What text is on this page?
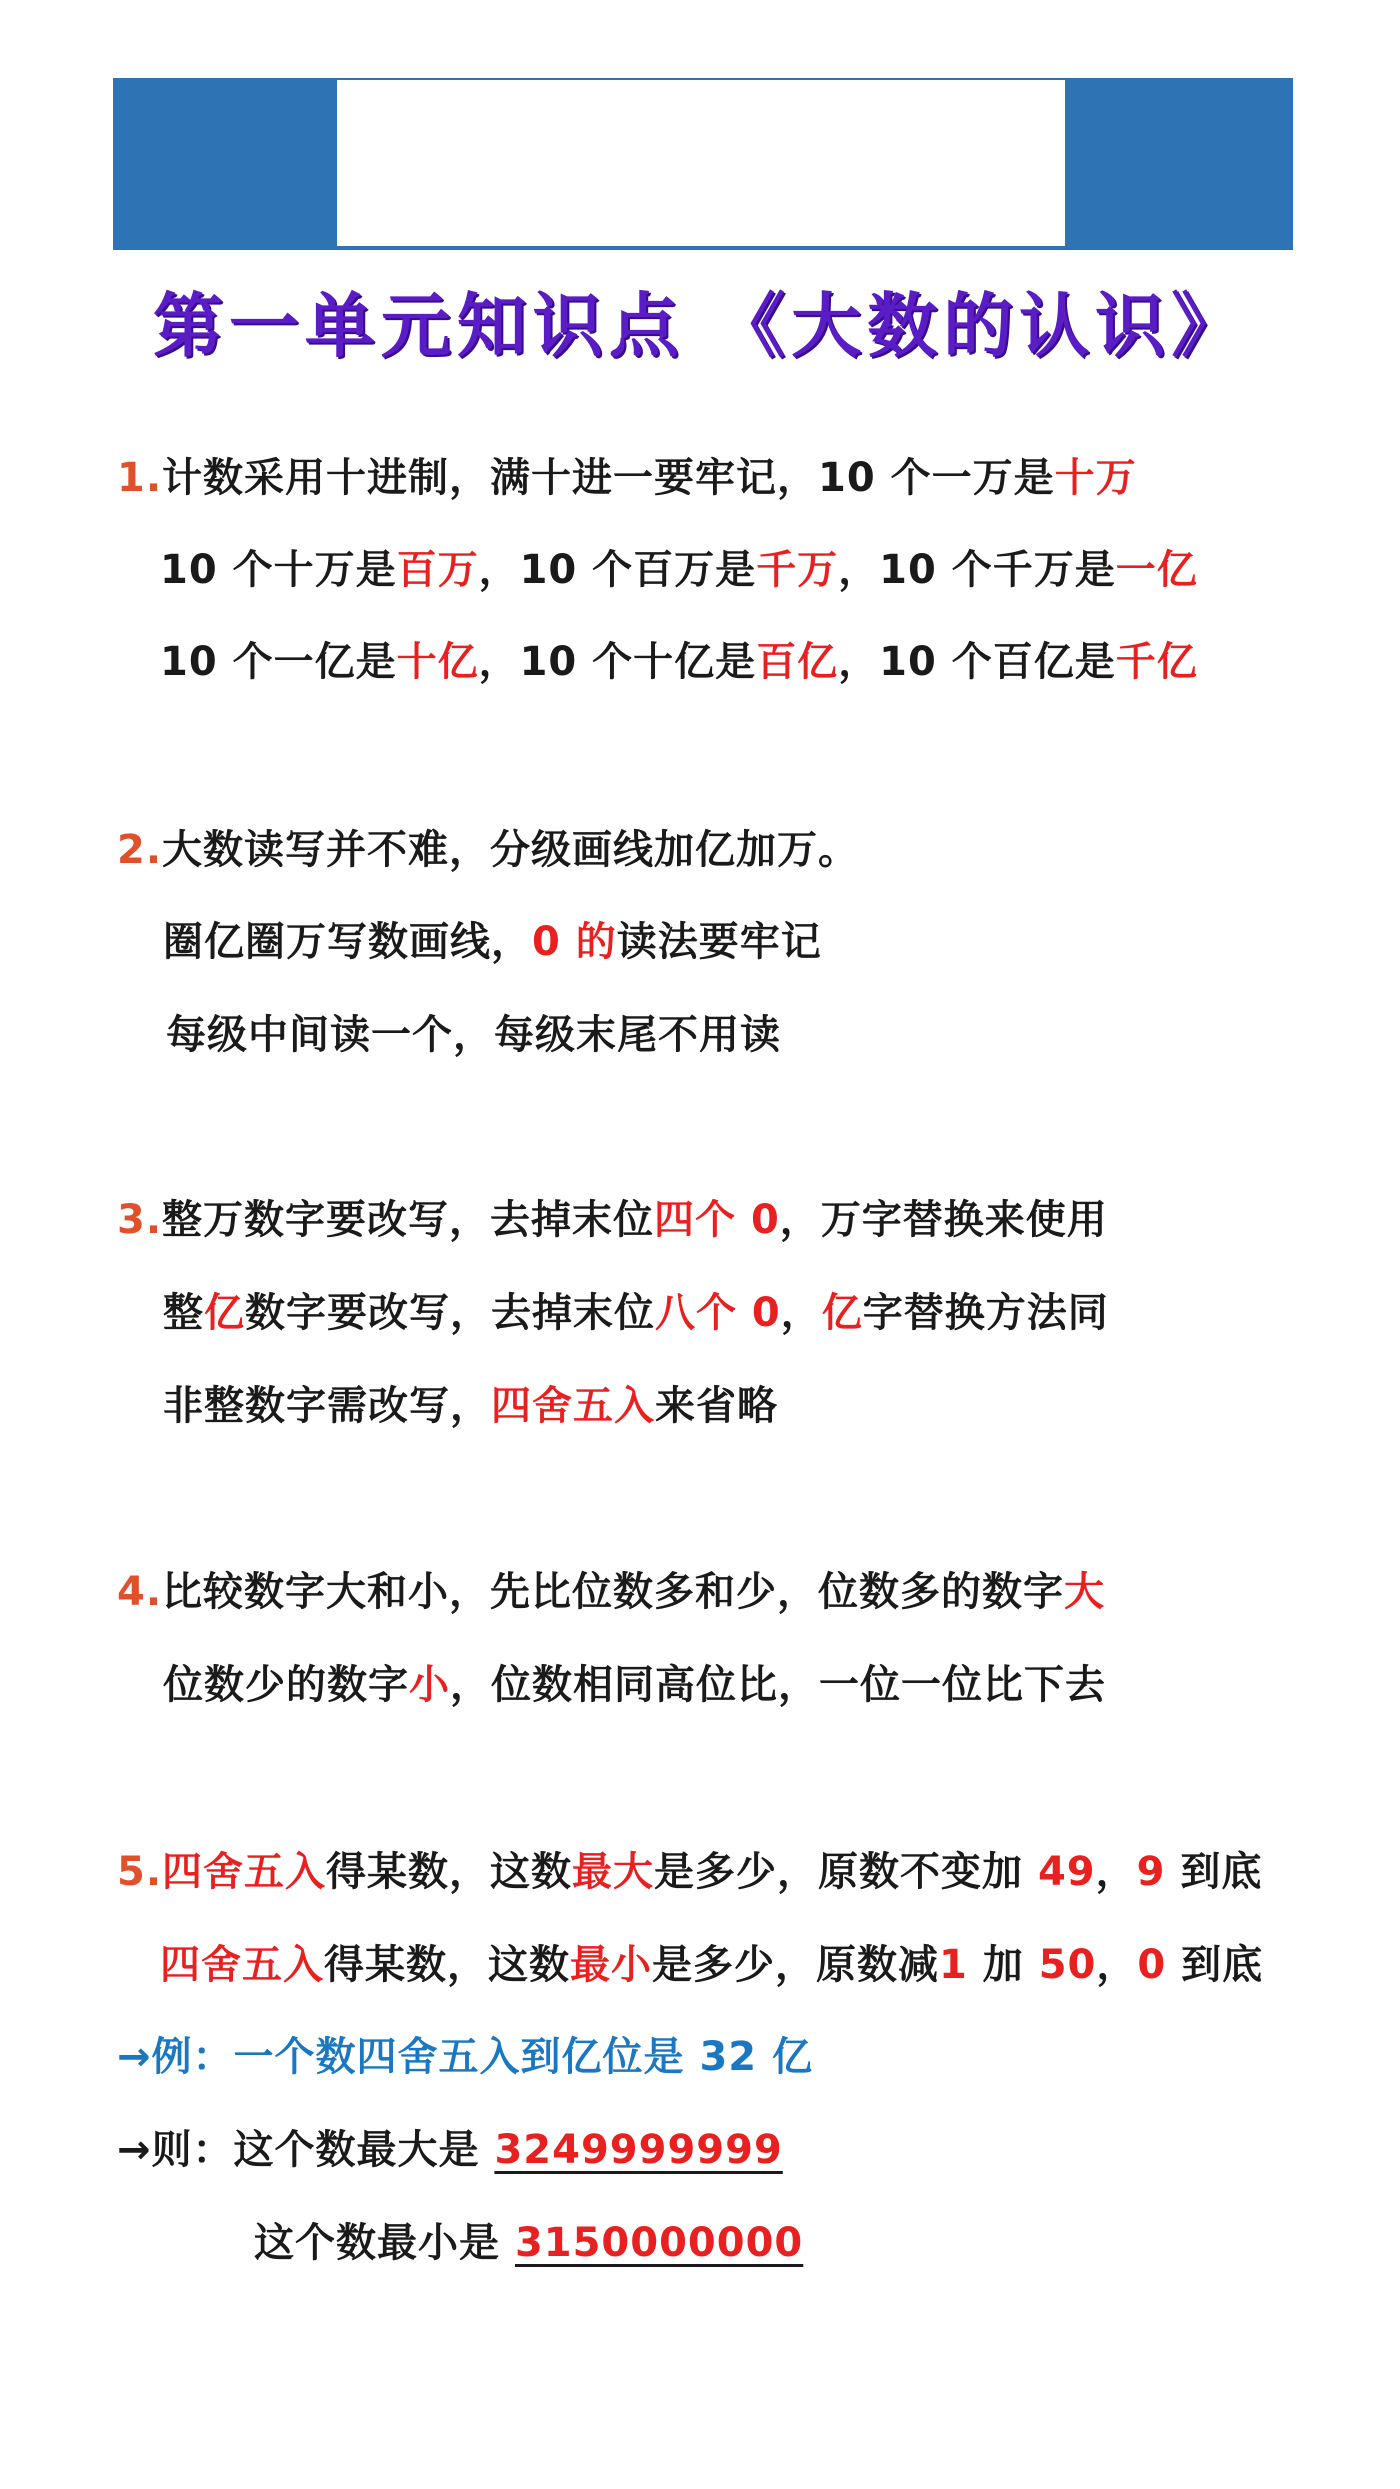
第一单元知识点 《大数的认识》
1.计数采用十进制，满十进一要牢记，10 个一万是十万
10 个十万是百万，10 个百万是千万，10 个千万是一亿
10 个一亿是十亿，10 个十亿是百亿，10 个百亿是千亿
2.大数读写并不难，分级画线加亿加万。
圈亿圈万写数画线，0 的读法要牢记
每级中间读一个，每级末尾不用读
3.整万数字要改写，去掉末位四个 0，万字替换来使用
整亿数字要改写，去掉末位八个 0，亿字替换方法同
非整数字需改写，四舍五入来省略
4.比较数字大和小，先比位数多和少，位数多的数字大
位数少的数字小，位数相同高位比，一位一位比下去
5.四舍五入得某数，这数最大是多少，原数不变加 49，9 到底
四舍五入得某数，这数最小是多少，原数减1 加 50，0 到底
→例：一个数四舍五入到亿位是 32 亿
→则：这个数最大是 3249999999
这个数最小是 3150000000
